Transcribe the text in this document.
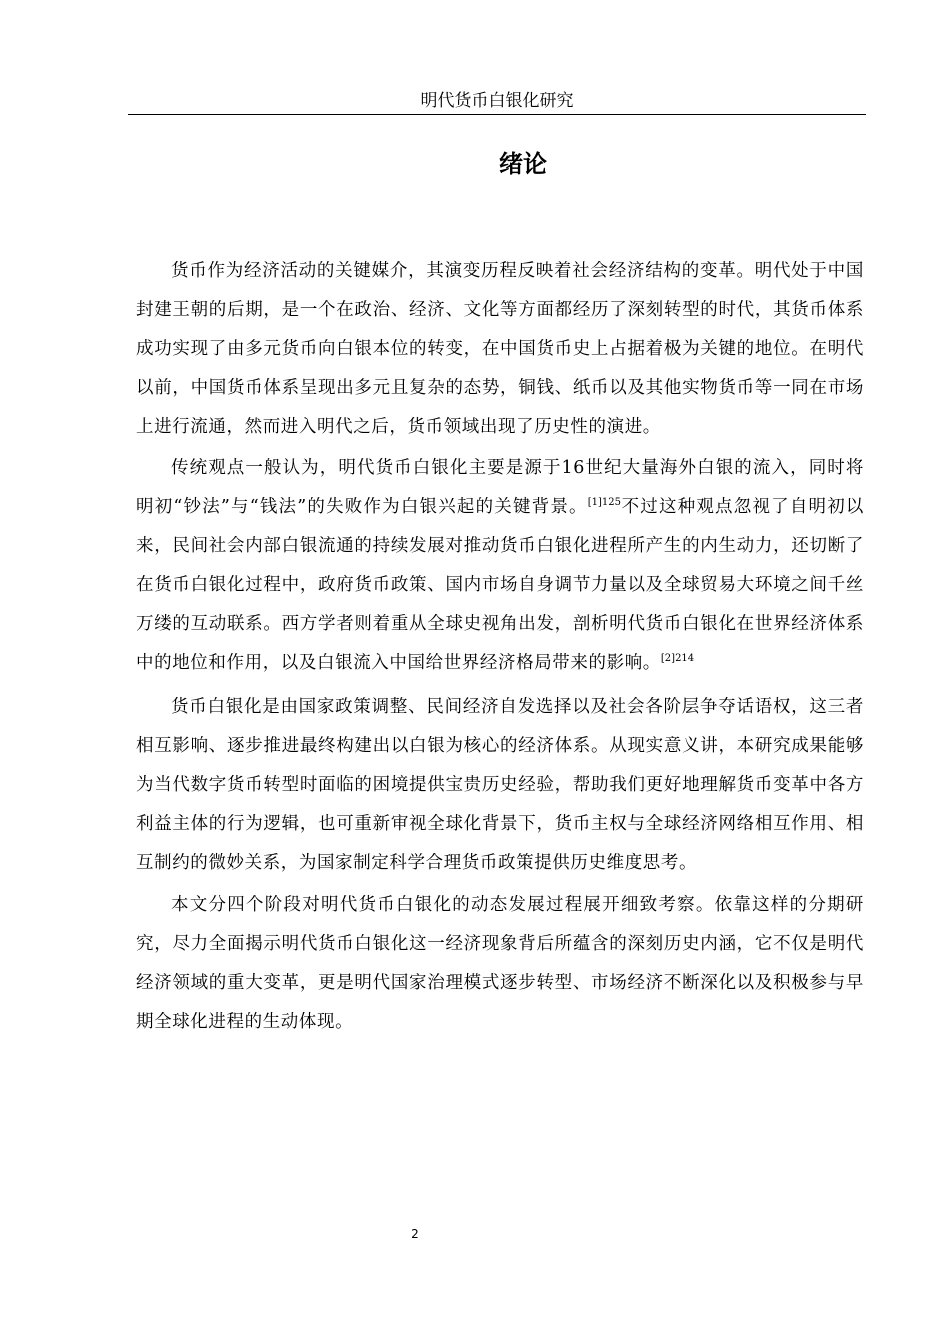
明代货币白银化研究
绪论

货币作为经济活动的关键媒介，其演变历程反映着社会经济结构的变革。明代处于中国封建王朝的后期，是一个在政治、经济、文化等方面都经历了深刻转型的时代，其货币体系成功实现了由多元货币向白银本位的转变，在中国货币史上占据着极为关键的地位。在明代以前，中国货币体系呈现出多元且复杂的态势，铜钱、纸币以及其他实物货币等一同在市场上进行流通，然而进入明代之后，货币领域出现了历史性的演进。

传统观点一般认为，明代货币白银化主要是源于16世纪大量海外白银的流入，同时将明初“钞法”与“钱法”的失败作为白银兴起的关键背景。$^{[1]125}$不过这种观点忽视了自明初以来，民间社会内部白银流通的持续发展对推动货币白银化进程所产生的内生动力，还切断了在货币白银化过程中，政府货币政策、国内市场自身调节力量以及全球贸易大环境之间千丝万缕的互动联系。西方学者则着重从全球史视角出发，剖析明代货币白银化在世界经济体系中的地位和作用，以及白银流入中国给世界经济格局带来的影响。$^{[2]214}$

货币白银化是由国家政策调整、民间经济自发选择以及社会各阶层争夺话语权，这三者相互影响、逐步推进最终构建出以白银为核心的经济体系。从现实意义讲，本研究成果能够为当代数字货币转型时面临的困境提供宝贵历史经验，帮助我们更好地理解货币变革中各方利益主体的行为逻辑，也可重新审视全球化背景下，货币主权与全球经济网络相互作用、相互制约的微妙关系，为国家制定科学合理货币政策提供历史维度思考。

本文分四个阶段对明代货币白银化的动态发展过程展开细致考察。依靠这样的分期研究，尽力全面揭示明代货币白银化这一经济现象背后所蕴含的深刻历史内涵，它不仅是明代经济领域的重大变革，更是明代国家治理模式逐步转型、市场经济不断深化以及积极参与早期全球化进程的生动体现。

2
